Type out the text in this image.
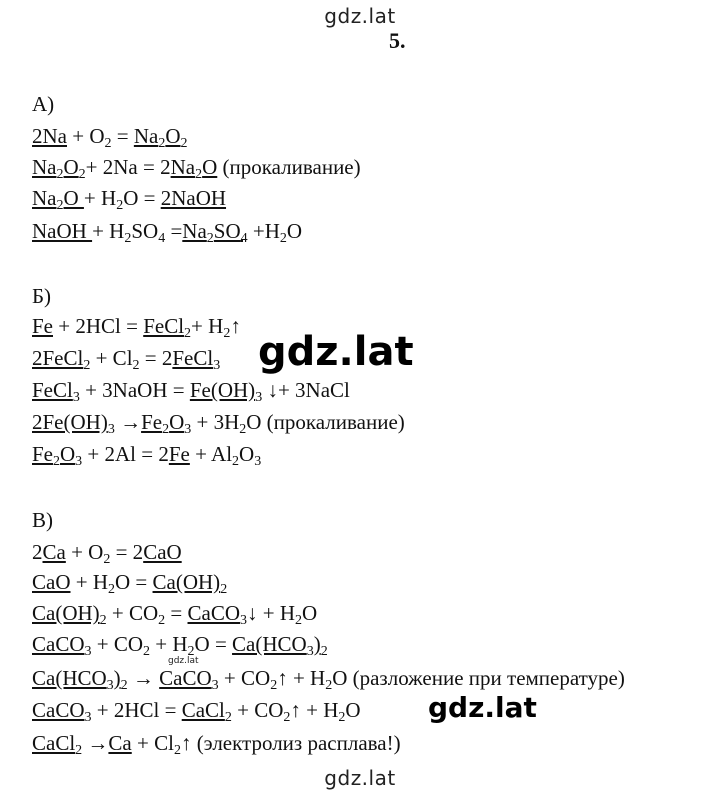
gdz.lat
5.
А)
$2Na + O_2 = Na_2O_2$
$Na_2O_2+ 2Na = 2Na_2O$ (прокаливание)
$Na_2O + H_2O$ = 2NaOH
NaOH + $H_2SO_4 =Na_2SO_4 +H_2O$
Б)
Fe + 2HCl = FeCl$_2$+ $H_2↑$
2FeCl$_2$ + $Cl_2$ = 2FeCl$_3$
FeCl$_3$ + 3NaOH = $Fe(OH)_3$ ↓+ 3NaCl
$2Fe(OH)_3 \to Fe_2O_3 + 3H_2O$ (прокаливание)
$Fe_2O_3 + 2Al = 2Fe + Al_2O_3$
gdz.lat
В)
$2Ca + O_2 = 2CaO$
CaO + $H_2O = Ca(OH)_2$
$Ca(OH)_2 + CO_2$ = CaCO$_3$↓ + $H_2O$
CaCO$_3$ + $CO_2 + H_2O = Ca(HCO_3)_2$
$Ca(HCO_3)_2$ → CaCO$_3$ + $CO_2↑ + H_2O$ (разложение при температуре)
CaCO$_3$ + 2HCl = CaCl$_2$ + $CO_2↑ + H_2O$
CaCl$_2$ $\to Ca + Cl_2↑$ (электролиз расплава!)
gdz.lat
gdz.lat
gdz.lat
